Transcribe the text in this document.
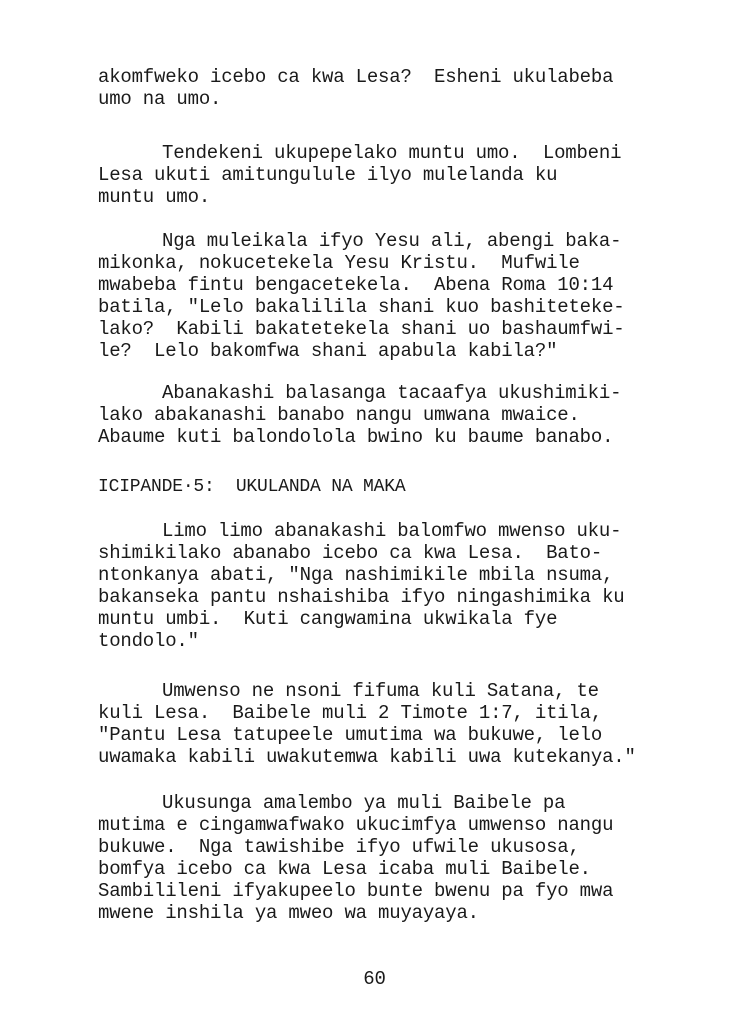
akomfweko icebo ca kwa Lesa?  Esheni ukulabeba
umo na umo.
Tendekeni ukupepelako muntu umo.  Lombeni
Lesa ukuti amitungulule ilyo mulelanda ku
muntu umo.
Nga muleikala ifyo Yesu ali, abengi baka-
mikonka, nokucetekela Yesu Kristu.  Mufwile
mwabeba fintu bengacetekela.  Abena Roma 10:14
batila, "Lelo bakalilila shani kuo bashiteteke-
lako?  Kabili bakatetekela shani uo bashaumfwi-
le?  Lelo bakomfwa shani apabula kabila?"
Abanakashi balasanga tacaafya ukushimiki-
lako abakanashi banabo nangu umwana mwaice.
Abaume kuti balondolola bwino ku baume banabo.
ICIPANDE·5:  UKULANDA NA MAKA
Limo limo abanakashi balomfwo mwenso uku-
shimikilako abanabo icebo ca kwa Lesa.  Bato-
ntonkanya abati, "Nga nashimikile mbila nsuma,
bakanseka pantu nshaishiba ifyo ningashimika ku
muntu umbi.  Kuti cangwamina ukwikala fye
tondolo."
Umwenso ne nsoni fifuma kuli Satana, te
kuli Lesa.  Baibele muli 2 Timote 1:7, itila,
"Pantu Lesa tatupeele umutima wa bukuwe, lelo
uwamaka kabili uwakutemwa kabili uwa kutekanya."
Ukusunga amalembo ya muli Baibele pa
mutima e cingamwafwako ukucimfya umwenso nangu
bukuwe.  Nga tawishibe ifyo ufwile ukusosa,
bomfya icebo ca kwa Lesa icaba muli Baibele.
Sambilileni ifyakupeelo bunte bwenu pa fyo mwa
mwene inshila ya mweo wa muyayaya.
60
